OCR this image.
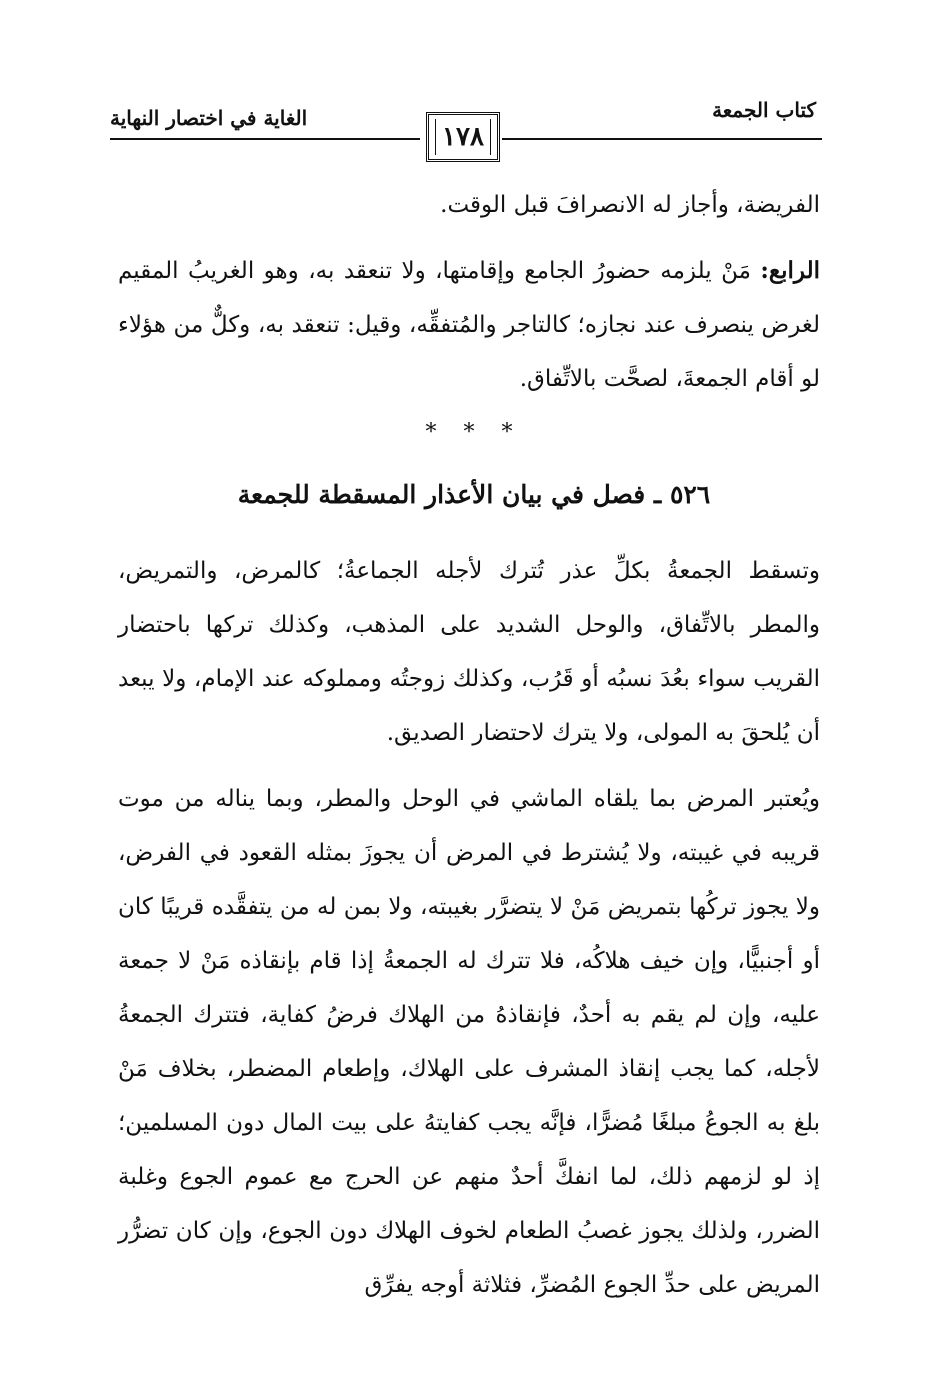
كتاب الجمعة
الغاية في اختصار النهاية
١٧٨

الفريضة، وأجاز له الانصرافَ قبل الوقت.

الرابع: مَنْ يلزمه حضورُ الجامع وإقامتها، ولا تنعقد به، وهو الغريبُ المقيم لغرض ينصرف عند نجازه؛ كالتاجر والمُتفقِّه، وقيل: تنعقد به، وكلٌّ من هؤلاء لو أقام الجمعةَ، لصحَّت بالاتِّفاق.

* * *
٥٢٦ ـ فصل في بيان الأعذار المسقطة للجمعة

وتسقط الجمعةُ بكلِّ عذر تُترك لأجله الجماعةُ؛ كالمرض، والتمريض، والمطر بالاتِّفاق، والوحل الشديد على المذهب، وكذلك تركها باحتضار القريب سواء بعُدَ نسبُه أو قَرُب، وكذلك زوجتُه ومملوكه عند الإمام، ولا يبعد أن يُلحقَ به المولى، ولا يترك لاحتضار الصديق.

ويُعتبر المرض بما يلقاه الماشي في الوحل والمطر، وبما يناله من موت قريبه في غيبته، ولا يُشترط في المرض أن يجوزَ بمثله القعود في الفرض، ولا يجوز تركُها بتمريض مَنْ لا يتضرَّر بغيبته، ولا بمن له من يتفقَّده قريبًا كان أو أجنبيًّا، وإن خيف هلاكُه، فلا تترك له الجمعةُ إذا قام بإنقاذه مَنْ لا جمعة عليه، وإن لم يقم به أحدٌ، فإنقاذهُ من الهلاك فرضُ كفاية، فتترك الجمعةُ لأجله، كما يجب إنقاذ المشرف على الهلاك، وإطعام المضطر، بخلاف مَنْ بلغ به الجوعُ مبلغًا مُضرًّا، فإنَّه يجب كفايتهُ على بيت المال دون المسلمين؛ إذ لو لزمهم ذلك، لما انفكَّ أحدٌ منهم عن الحرج مع عموم الجوع وغلبة الضرر، ولذلك يجوز غصبُ الطعام لخوف الهلاك دون الجوع، وإن كان تضرُّر المريض على حدِّ الجوع المُضرِّ، فثلاثة أوجه يفرِّق
